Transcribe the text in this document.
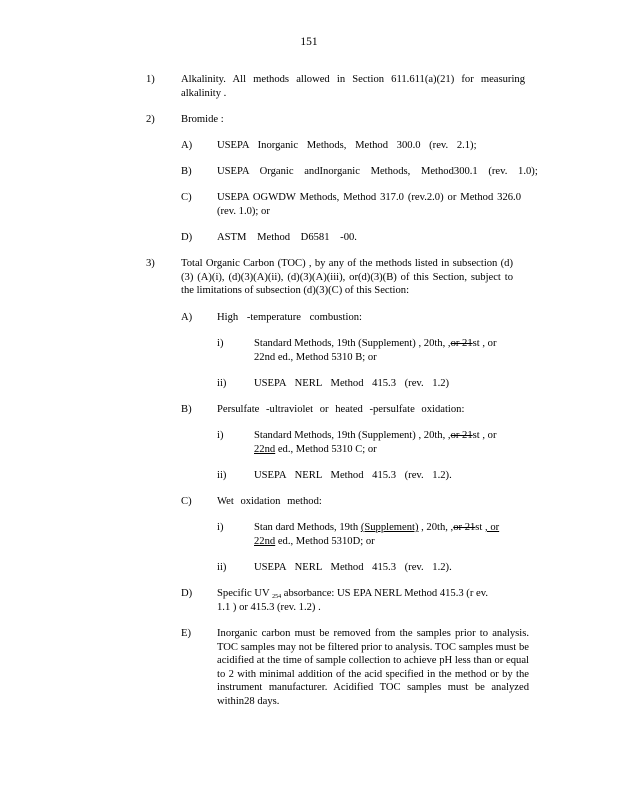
151
1) Alkalinity. All methods allowed in Section 611.611(a)(21) for measuring alkalinity .
2) Bromide :
A) USEPA Inorganic Methods, Method 300.0 (rev. 2.1);
B) USEPA Organic andInorganic Methods, Method300.1 (rev. 1.0);
C) USEPA OGWDW Methods, Method 317.0 (rev.2.0) or Method 326.0 (rev. 1.0); or
D) ASTM Method D6581 -00.
3) Total Organic Carbon (TOC) , by any of the methods listed in subsection (d)(3) (A)(i), (d)(3)(A)(ii), (d)(3)(A)(iii), or(d)(3)(B) of this Section, subject to the limitations of subsection (d)(3)(C) of this Section:
A) High -temperature combustion:
i)	Standard Methods, 19th (Supplement) , 20th, ,or 21st , or
22nd ed., Method 5310 B; or
ii)	USEPA NERL Method 415.3 (rev. 1.2)
B) Persulfate -ultraviolet or heated -persulfate oxidation:
i)	Standard Methods, 19th (Supplement) , 20th, ,or 21st , or
22nd ed., Method 5310 C; or
ii)	USEPA NERL Method 415.3 (rev. 1.2).
C) Wet oxidation method:
i)	Stan dard Methods, 19th (Supplement) , 20th, ,or 21st , or
22nd ed., Method 5310D; or
ii)	USEPA NERL Method 415.3 (rev. 1.2).
D) Specific UV $_{254}$ absorbance: US EPA NERL Method 415.3 (r ev.
1.1 ) or 415.3 (rev. 1.2) .
E) Inorganic carbon must be removed from the samples prior to analysis. TOC samples may not be filtered prior to analysis. TOC samples must be acidified at the time of sample collection to achieve pH less than or equal to 2 with minimal addition of the acid specified in the method or by the instrument manufacturer. Acidified TOC samples must be analyzed within28 days.
